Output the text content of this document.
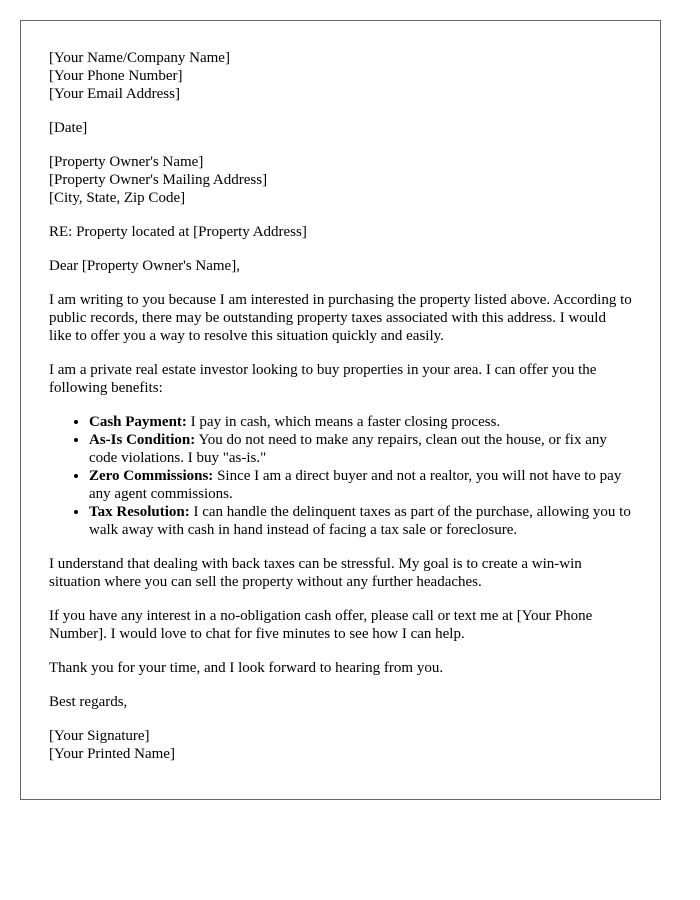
[Your Name/Company Name]
[Your Phone Number]
[Your Email Address]

[Date]

[Property Owner's Name]
[Property Owner's Mailing Address]
[City, State, Zip Code]

RE: Property located at [Property Address]

Dear [Property Owner's Name],

I am writing to you because I am interested in purchasing the property listed above. According to public records, there may be outstanding property taxes associated with this address. I would like to offer you a way to resolve this situation quickly and easily.

I am a private real estate investor looking to buy properties in your area. I can offer you the following benefits:

• Cash Payment: I pay in cash, which means a faster closing process.
• As-Is Condition: You do not need to make any repairs, clean out the house, or fix any code violations. I buy "as-is."
• Zero Commissions: Since I am a direct buyer and not a realtor, you will not have to pay any agent commissions.
• Tax Resolution: I can handle the delinquent taxes as part of the purchase, allowing you to walk away with cash in hand instead of facing a tax sale or foreclosure.

I understand that dealing with back taxes can be stressful. My goal is to create a win-win situation where you can sell the property without any further headaches.

If you have any interest in a no-obligation cash offer, please call or text me at [Your Phone Number]. I would love to chat for five minutes to see how I can help.

Thank you for your time, and I look forward to hearing from you.

Best regards,

[Your Signature]
[Your Printed Name]
